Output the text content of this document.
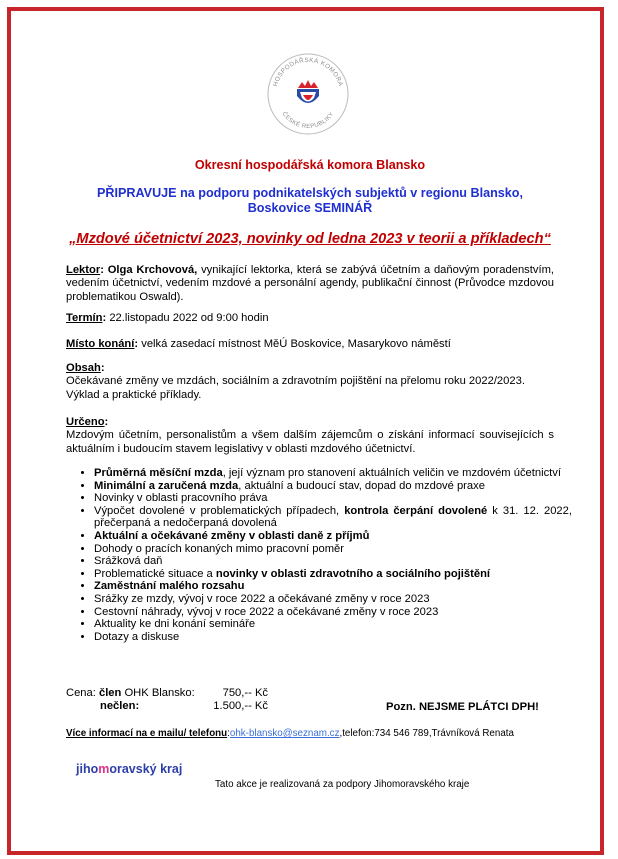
HOSPODÁŘSKÁ KOMORA
ČESKÉ REPUBLIKY
Okresní hospodářská komora Blansko
PŘIPRAVUJE na podporu podnikatelských subjektů v regionu Blansko,
Boskovice SEMINÁŘ
„Mzdové účetnictví 2023, novinky od ledna 2023 v teorii a příkladech“
Lektor: Olga Krchovová, vynikající lektorka, která se zabývá účetním a daňovým poradenstvím, vedením účetnictví, vedením mzdové a personální agendy, publikační činnost (Průvodce mzdovou problematikou Oswald).
Termín: 22.listopadu 2022 od 9:00 hodin
Místo konání: velká zasedací místnost MěÚ Boskovice, Masarykovo náměstí
Obsah:
Očekávané změny ve mzdách, sociálním a zdravotním pojištění na přelomu roku 2022/2023. Výklad a praktické příklady.
Určeno:
Mzdovým účetním, personalistům a všem dalším zájemcům o získání informací souvisejících s aktuálním i budoucím stavem legislativy v oblasti mzdového účetnictví.
• Průměrná měsíční mzda, její význam pro stanovení aktuálních veličin ve mzdovém účetnictví
• Minimální a zaručená mzda, aktuální a budoucí stav, dopad do mzdové praxe
• Novinky v oblasti pracovního práva
• Výpočet dovolené v problematických případech, kontrola čerpání dovolené k 31. 12. 2022, přečerpaná a nedočerpaná dovolená
• Aktuální a očekávané změny v oblasti daně z příjmů
• Dohody o pracích konaných mimo pracovní poměr
• Srážková daň
• Problematické situace a novinky v oblasti zdravotního a sociálního pojištění
• Zaměstnání malého rozsahu
• Srážky ze mzdy, vývoj v roce 2022 a očekávané změny v roce 2023
• Cestovní náhrady, vývoj v roce 2022 a očekávané změny v roce 2023
• Aktuality ke dni konání semináře
• Dotazy a diskuse
Cena: člen OHK Blansko:	750,-- Kč
nečlen:	1.500,-- Kč	Pozn. NEJSME PLÁTCI DPH!
Více informací na e mailu/ telefonu:ohk-blansko@seznam.cz,telefon:734 546 789,Trávníková Renata
jihomoravský kraj
Tato akce je realizovaná za podpory Jihomoravského kraje
